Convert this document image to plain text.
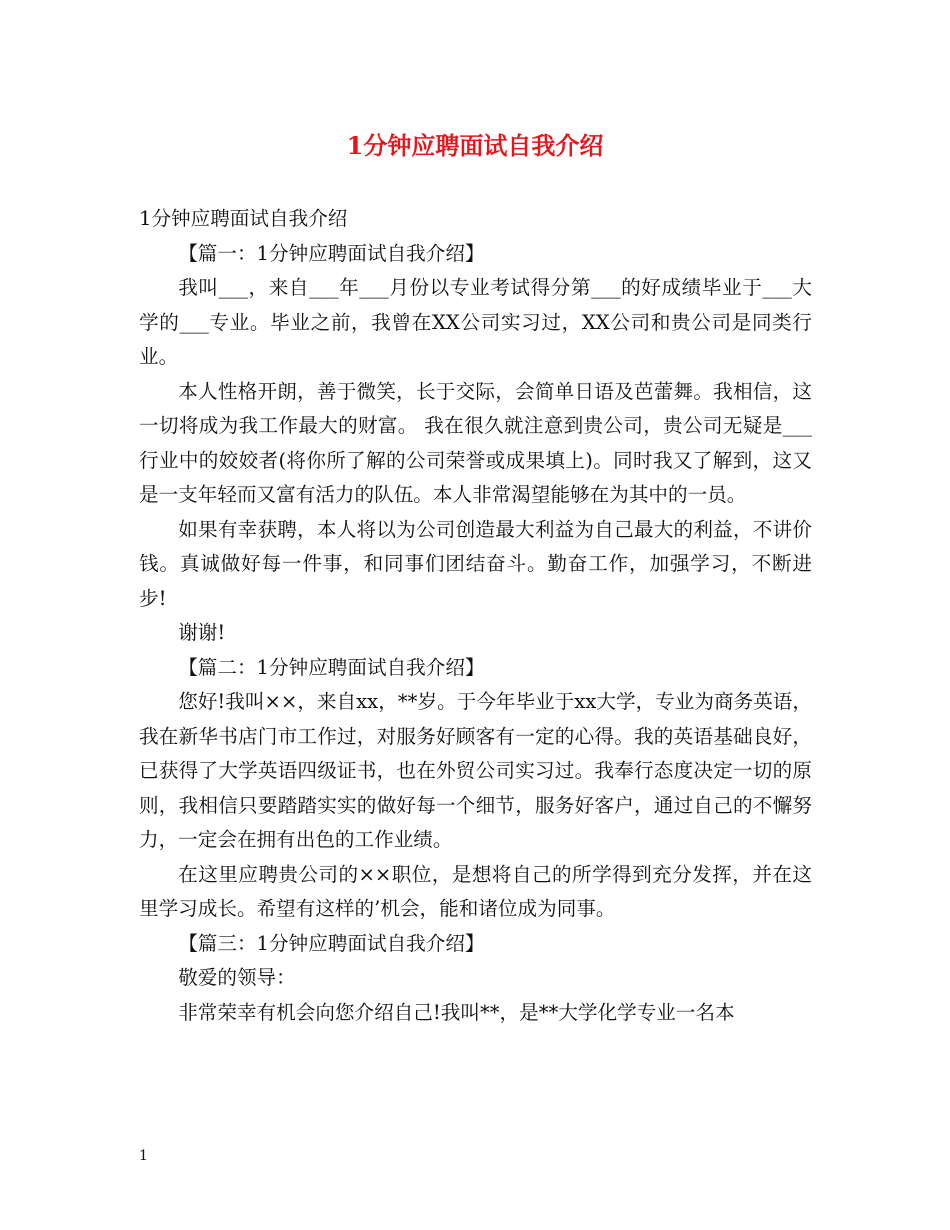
1分钟应聘面试自我介绍

1分钟应聘面试自我介绍

【篇一：1分钟应聘面试自我介绍】

我叫___，来自___年___月份以专业考试得分第___的好成绩毕业于___大学的___专业。毕业之前，我曾在XX公司实习过，XX公司和贵公司是同类行业。

本人性格开朗，善于微笑，长于交际，会简单日语及芭蕾舞。我相信，这一切将成为我工作最大的财富。 我在很久就注意到贵公司，贵公司无疑是___行业中的姣姣者(将你所了解的公司荣誉或成果填上)。同时我又了解到，这又是一支年轻而又富有活力的队伍。本人非常渴望能够在为其中的一员。

如果有幸获聘，本人将以为公司创造最大利益为自己最大的利益，不讲价钱。真诚做好每一件事，和同事们团结奋斗。勤奋工作，加强学习，不断进步!

谢谢!

【篇二：1分钟应聘面试自我介绍】

您好!我叫××，来自xx，**岁。于今年毕业于xx大学，专业为商务英语，我在新华书店门市工作过，对服务好顾客有一定的心得。我的英语基础良好，已获得了大学英语四级证书，也在外贸公司实习过。我奉行态度决定一切的原则，我相信只要踏踏实实的做好每一个细节，服务好客户，通过自己的不懈努力，一定会在拥有出色的工作业绩。

在这里应聘贵公司的××职位，是想将自己的所学得到充分发挥，并在这里学习成长。希望有这样的’机会，能和诸位成为同事。

【篇三：1分钟应聘面试自我介绍】

敬爱的领导：

非常荣幸有机会向您介绍自己!我叫**，是**大学化学专业一名本

1
